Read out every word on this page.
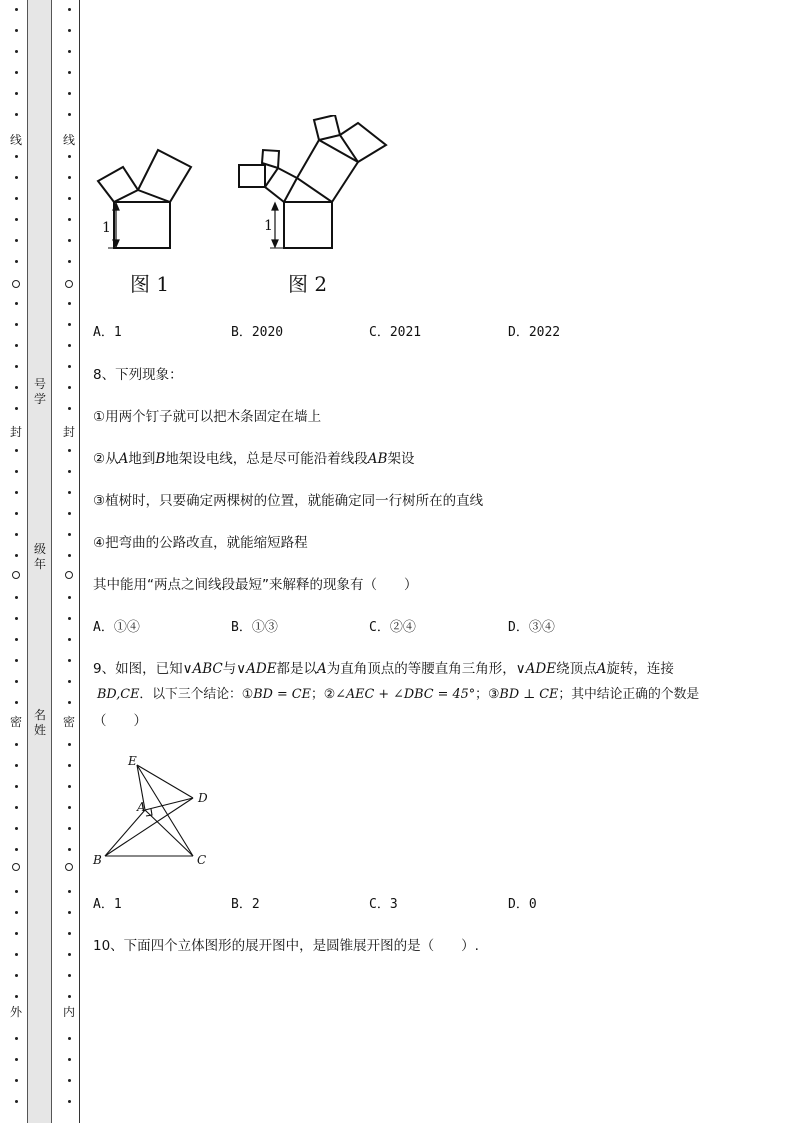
线
封
密
外
线
封
密
内
号学
级年
名姓
1	1
图 1	图 2
A．1	B．2020	C．2021	D．2022
8、下列现象：
①用两个钉子就可以把木条固定在墙上
②从A地到B地架设电线，总是尽可能沿着线段AB架设
③植树时，只要确定两棵树的位置，就能确定同一行树所在的直线
④把弯曲的公路改直，就能缩短路程
其中能用“两点之间线段最短”来解释的现象有（　　）
A．①④	B．①③	C．②④	D．③④
9、如图，已知∨ABC与∨ADE都是以A为直角顶点的等腰直角三角形，∨ADE绕顶点A旋转，连接
BD,CE．以下三个结论：①BD = CE；②∠AEC + ∠DBC = 45°；③BD ⊥ CE；其中结论正确的个数是
（　　）
E
D
A
B	C
A．1	B．2	C．3	D．0
10、下面四个立体图形的展开图中，是圆锥展开图的是（　　）.
